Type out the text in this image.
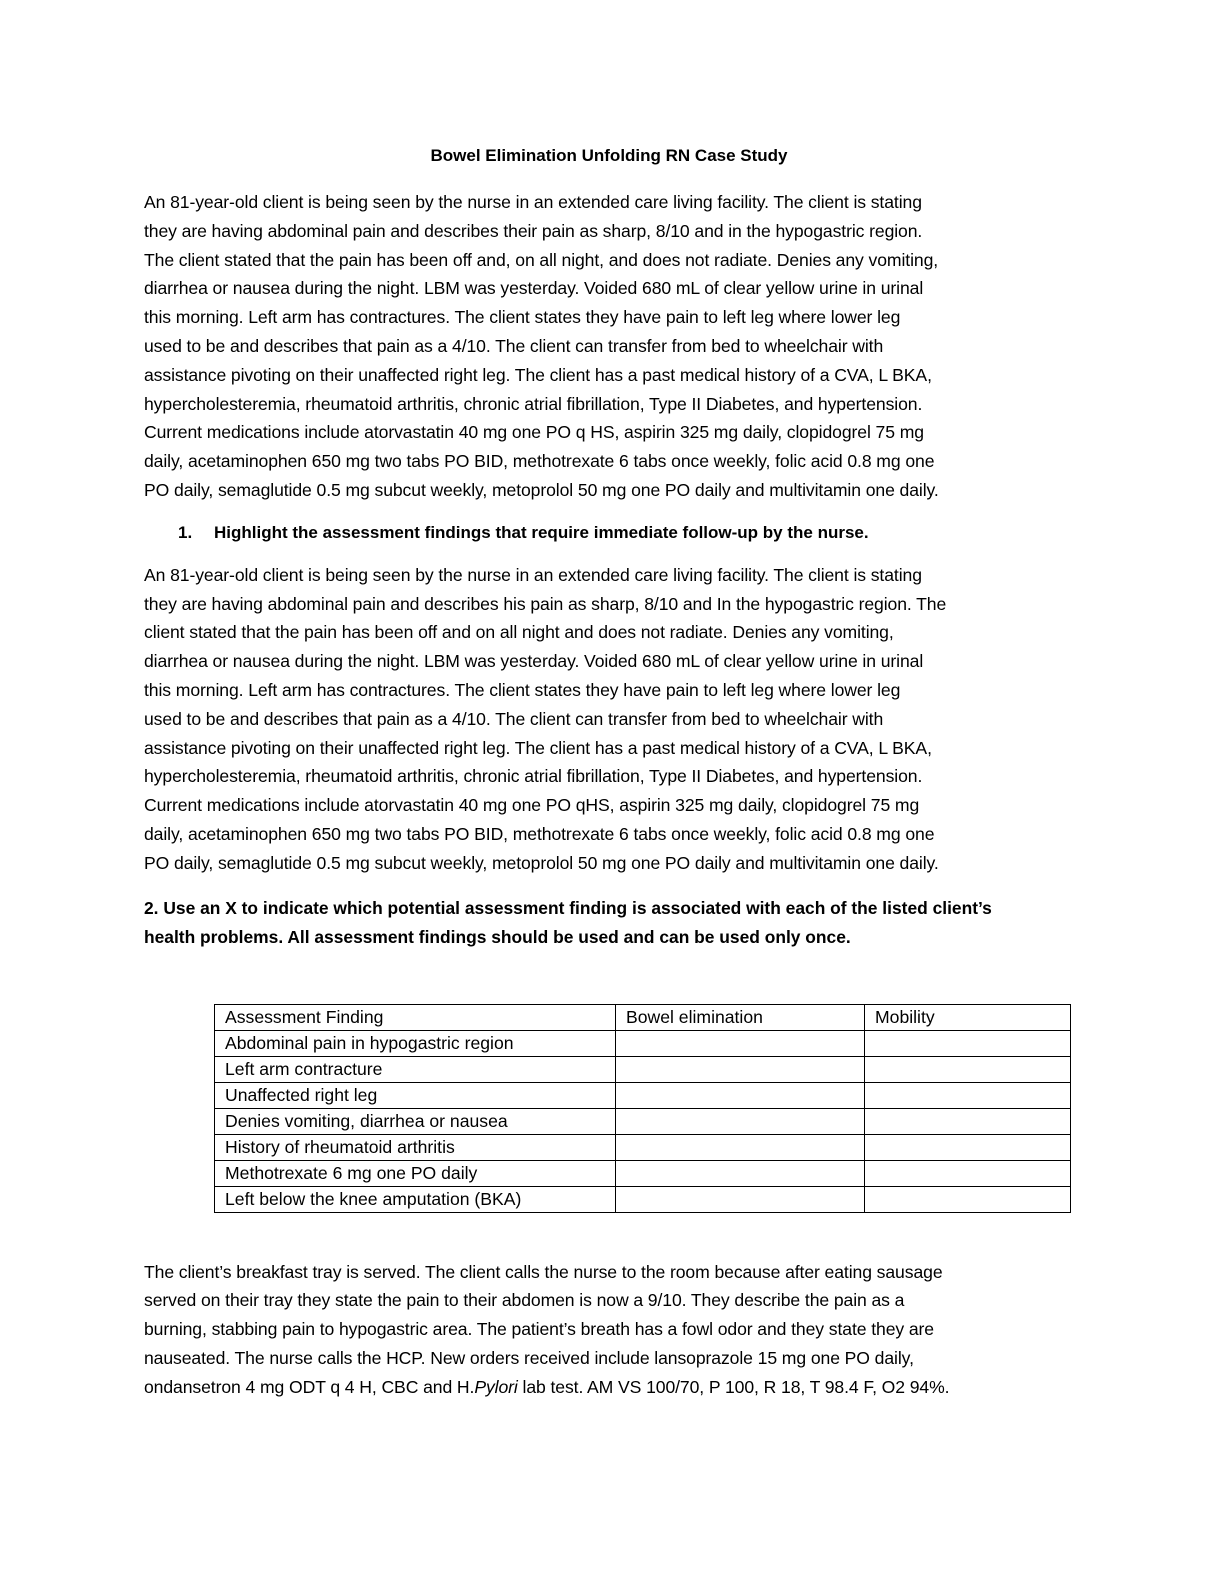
Bowel Elimination Unfolding RN Case Study
An 81-year-old client is being seen by the nurse in an extended care living facility. The client is stating
they are having abdominal pain and describes their pain as sharp, 8/10 and in the hypogastric region.
The client stated that the pain has been off and, on all night, and does not radiate. Denies any vomiting,
diarrhea or nausea during the night. LBM was yesterday. Voided 680 mL of clear yellow urine in urinal
this morning. Left arm has contractures. The client states they have pain to left leg where lower leg
used to be and describes that pain as a 4/10. The client can transfer from bed to wheelchair with
assistance pivoting on their unaffected right leg. The client has a past medical history of a CVA, L BKA,
hypercholesteremia, rheumatoid arthritis, chronic atrial fibrillation, Type II Diabetes, and hypertension.
Current medications include atorvastatin 40 mg one PO q HS, aspirin 325 mg daily, clopidogrel 75 mg
daily, acetaminophen 650 mg two tabs PO BID, methotrexate 6 tabs once weekly, folic acid 0.8 mg one
PO daily, semaglutide 0.5 mg subcut weekly, metoprolol 50 mg one PO daily and multivitamin one daily.
1. Highlight the assessment findings that require immediate follow-up by the nurse.
An 81-year-old client is being seen by the nurse in an extended care living facility. The client is stating
they are having abdominal pain and describes his pain as sharp, 8/10 and In the hypogastric region. The
client stated that the pain has been off and on all night and does not radiate. Denies any vomiting,
diarrhea or nausea during the night. LBM was yesterday. Voided 680 mL of clear yellow urine in urinal
this morning. Left arm has contractures. The client states they have pain to left leg where lower leg
used to be and describes that pain as a 4/10. The client can transfer from bed to wheelchair with
assistance pivoting on their unaffected right leg. The client has a past medical history of a CVA, L BKA,
hypercholesteremia, rheumatoid arthritis, chronic atrial fibrillation, Type II Diabetes, and hypertension.
Current medications include atorvastatin 40 mg one PO qHS, aspirin 325 mg daily, clopidogrel 75 mg
daily, acetaminophen 650 mg two tabs PO BID, methotrexate 6 tabs once weekly, folic acid 0.8 mg one
PO daily, semaglutide 0.5 mg subcut weekly, metoprolol 50 mg one PO daily and multivitamin one daily.
2. Use an X to indicate which potential assessment finding is associated with each of the listed client’s
health problems. All assessment findings should be used and can be used only once.
Assessment Finding	Bowel elimination	Mobility
Abdominal pain in hypogastric region		
Left arm contracture		
Unaffected right leg		
Denies vomiting, diarrhea or nausea		
History of rheumatoid arthritis		
Methotrexate 6 mg one PO daily		
Left below the knee amputation (BKA)		
The client’s breakfast tray is served. The client calls the nurse to the room because after eating sausage
served on their tray they state the pain to their abdomen is now a 9/10. They describe the pain as a
burning, stabbing pain to hypogastric area. The patient’s breath has a fowl odor and they state they are
nauseated. The nurse calls the HCP. New orders received include lansoprazole 15 mg one PO daily,
ondansetron 4 mg ODT q 4 H, CBC and H.Pylori lab test. AM VS 100/70, P 100, R 18, T 98.4 F, O2 94%.
